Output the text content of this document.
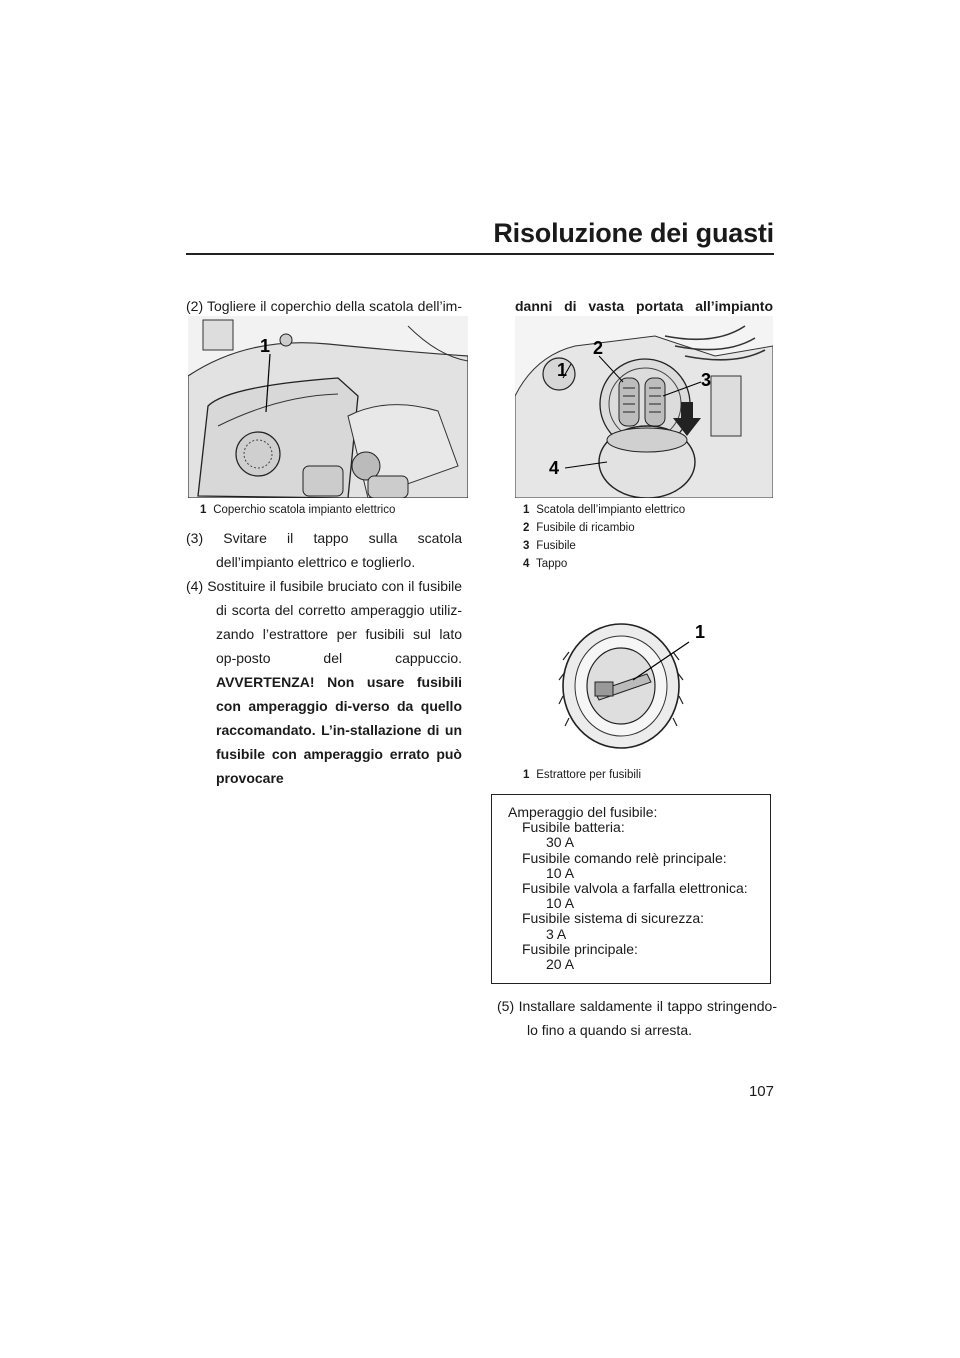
Risoluzione dei guasti

(2) Togliere il coperchio della scatola dell’im-

1
1 Coperchio scatola impianto elettrico

(3) Svitare il tappo sulla scatola dell’impianto elettrico e toglierlo.

(4) Sostituire il fusibile bruciato con il fusibile di scorta del corretto amperaggio utiliz-zando l’estrattore per fusibili sul lato op-posto del cappuccio. AVVERTENZA! Non usare fusibili con amperaggio di-verso da quello raccomandato. L’in-stallazione di un fusibile con amperaggio errato può provocare

danni di vasta portata all’impianto

1
2
3
4
1 Scatola dell’impianto elettrico
2 Fusibile di ricambio
3 Fusibile
4 Tappo
1
1 Estrattore per fusibili
Amperaggio del fusibile:
Fusibile batteria:
30 A
Fusibile comando relè principale:
10 A
Fusibile valvola a farfalla elettronica:
10 A
Fusibile sistema di sicurezza:
3 A
Fusibile principale:
20 A

(5) Installare saldamente il tappo stringendo-lo fino a quando si arresta.

107
